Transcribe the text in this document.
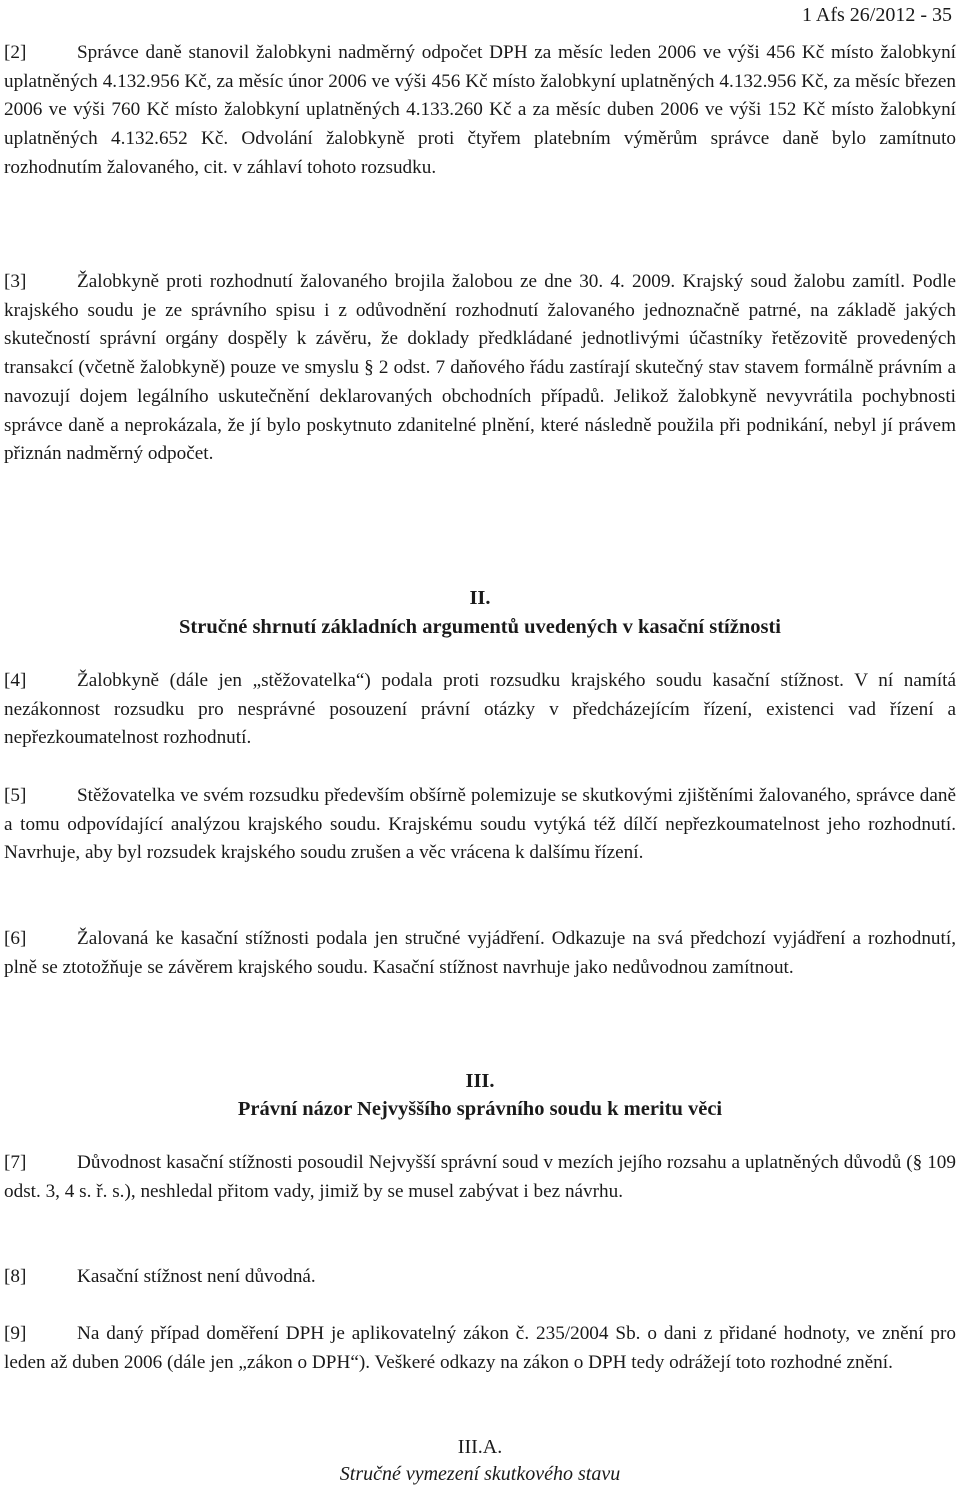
1 Afs 26/2012 - 35

[2]	Správce daně stanovil žalobkyni nadměrný odpočet DPH za měsíc leden 2006 ve výši 456 Kč místo žalobkyní uplatněných 4.132.956 Kč, za měsíc únor 2006 ve výši 456 Kč místo žalobkyní uplatněných 4.132.956 Kč, za měsíc březen 2006 ve výši 760 Kč místo žalobkyní uplatněných 4.133.260 Kč a za měsíc duben 2006 ve výši 152 Kč místo žalobkyní uplatněných 4.132.652 Kč. Odvolání žalobkyně proti čtyřem platebním výměrům správce daně bylo zamítnuto rozhodnutím žalovaného, cit. v záhlaví tohoto rozsudku.

[3]	Žalobkyně proti rozhodnutí žalovaného brojila žalobou ze dne 30. 4. 2009. Krajský soud žalobu zamítl. Podle krajského soudu je ze správního spisu i z odůvodnění rozhodnutí žalovaného jednoznačně patrné, na základě jakých skutečností správní orgány dospěly k závěru, že doklady předkládané jednotlivými účastníky řetězovitě provedených transakcí (včetně žalobkyně) pouze ve smyslu § 2 odst. 7 daňového řádu zastírají skutečný stav stavem formálně právním a navozují dojem legálního uskutečnění deklarovaných obchodních případů. Jelikož žalobkyně nevyvrátila pochybnosti správce daně a neprokázala, že jí bylo poskytnuto zdanitelné plnění, které následně použila při podnikání, nebyl jí právem přiznán nadměrný odpočet.

II.
Stručné shrnutí základních argumentů uvedených v kasační stížnosti

[4]	Žalobkyně (dále jen „stěžovatelka“) podala proti rozsudku krajského soudu kasační stížnost. V ní namítá nezákonnost rozsudku pro nesprávné posouzení právní otázky v předcházejícím řízení, existenci vad řízení a nepřezkoumatelnost rozhodnutí.

[5]	Stěžovatelka ve svém rozsudku především obšírně polemizuje se skutkovými zjištěními žalovaného, správce daně a tomu odpovídající analýzou krajského soudu. Krajskému soudu vytýká též dílčí nepřezkoumatelnost jeho rozhodnutí. Navrhuje, aby byl rozsudek krajského soudu zrušen a věc vrácena k dalšímu řízení.

[6]	Žalovaná ke kasační stížnosti podala jen stručné vyjádření. Odkazuje na svá předchozí vyjádření a rozhodnutí, plně se ztotožňuje se závěrem krajského soudu. Kasační stížnost navrhuje jako nedůvodnou zamítnout.

III.
Právní názor Nejvyššího správního soudu k meritu věci

[7]	Důvodnost kasační stížnosti posoudil Nejvyšší správní soud v mezích jejího rozsahu a uplatněných důvodů (§ 109 odst. 3, 4 s. ř. s.), neshledal přitom vady, jimiž by se musel zabývat i bez návrhu.

[8]	Kasační stížnost není důvodná.

[9]	Na daný případ doměření DPH je aplikovatelný zákon č. 235/2004 Sb. o dani z přidané hodnoty, ve znění pro leden až duben 2006 (dále jen „zákon o DPH“). Veškeré odkazy na zákon o DPH tedy odrážejí toto rozhodné znění.

III.A.
Stručné vymezení skutkového stavu
